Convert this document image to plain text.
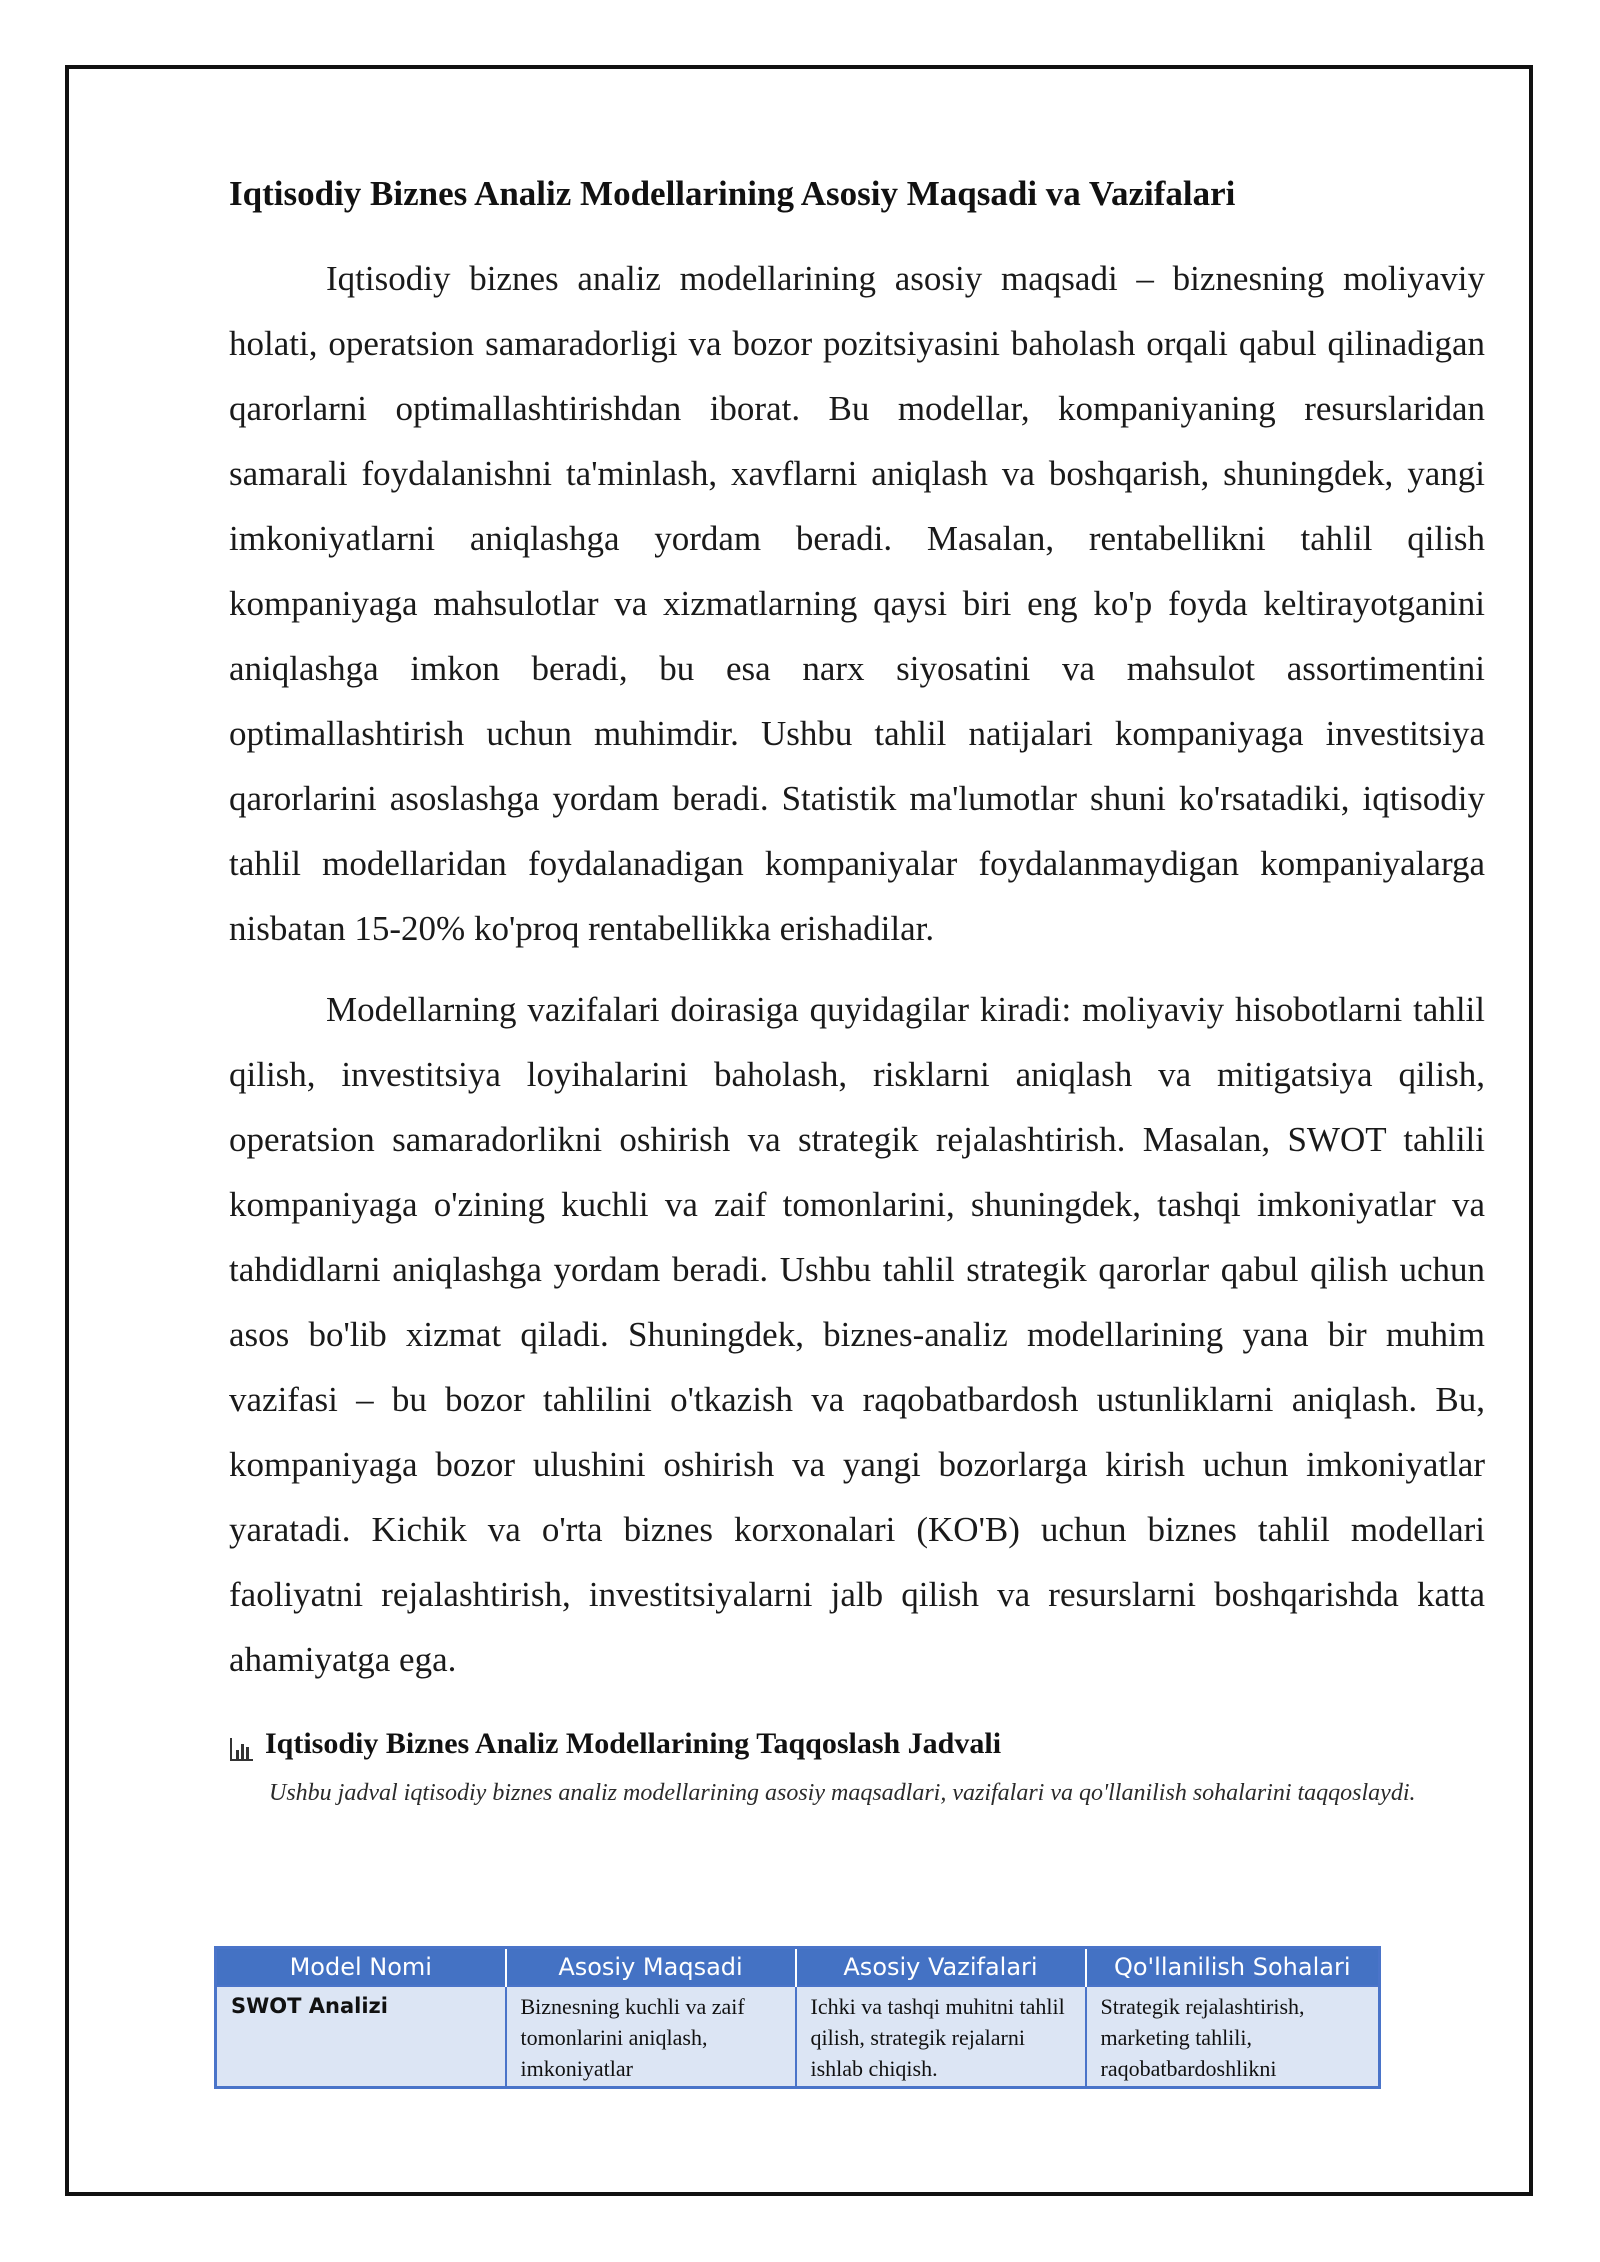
Iqtisodiy Biznes Analiz Modellarining Asosiy Maqsadi va Vazifalari

Iqtisodiy biznes analiz modellarining asosiy maqsadi – biznesning moliyaviy holati, operatsion samaradorligi va bozor pozitsiyasini baholash orqali qabul qilinadigan qarorlarni optimallashtirishdan iborat. Bu modellar, kompaniyaning resurslaridan samarali foydalanishni ta'minlash, xavflarni aniqlash va boshqarish, shuningdek, yangi imkoniyatlarni aniqlashga yordam beradi. Masalan, rentabellikni tahlil qilish kompaniyaga mahsulotlar va xizmatlarning qaysi biri eng ko'p foyda keltirayotganini aniqlashga imkon beradi, bu esa narx siyosatini va mahsulot assortimentini optimallashtirish uchun muhimdir. Ushbu tahlil natijalari kompaniyaga investitsiya qarorlarini asoslashga yordam beradi. Statistik ma'lumotlar shuni ko'rsatadiki, iqtisodiy tahlil modellaridan foydalanadigan kompaniyalar foydalanmaydigan kompaniyalarga nisbatan 15-20% ko'proq rentabellikka erishadilar.

Modellarning vazifalari doirasiga quyidagilar kiradi: moliyaviy hisobotlarni tahlil qilish, investitsiya loyihalarini baholash, risklarni aniqlash va mitigatsiya qilish, operatsion samaradorlikni oshirish va strategik rejalashtirish. Masalan, SWOT tahlili kompaniyaga o'zining kuchli va zaif tomonlarini, shuningdek, tashqi imkoniyatlar va tahdidlarni aniqlashga yordam beradi. Ushbu tahlil strategik qarorlar qabul qilish uchun asos bo'lib xizmat qiladi. Shuningdek, biznes-analiz modellarining yana bir muhim vazifasi – bu bozor tahlilini o'tkazish va raqobatbardosh ustunliklarni aniqlash. Bu, kompaniyaga bozor ulushini oshirish va yangi bozorlarga kirish uchun imkoniyatlar yaratadi. Kichik va o'rta biznes korxonalari (KO'B) uchun biznes tahlil modellari faoliyatni rejalashtirish, investitsiyalarni jalb qilish va resurslarni boshqarishda katta ahamiyatga ega.

Iqtisodiy Biznes Analiz Modellarining Taqqoslash Jadvali
Ushbu jadval iqtisodiy biznes analiz modellarining asosiy maqsadlari, vazifalari va qo'llanilish sohalarini taqqoslaydi.
Model Nomi	Asosiy Maqsadi	Asosiy Vazifalari	Qo'llanilish Sohalari
SWOT Analizi	Biznesning kuchli va zaif tomonlarini aniqlash, imkoniyatlar	Ichki va tashqi muhitni tahlil qilish, strategik rejalarni ishlab chiqish.	Strategik rejalashtirish, marketing tahlili, raqobatbardoshlikni
